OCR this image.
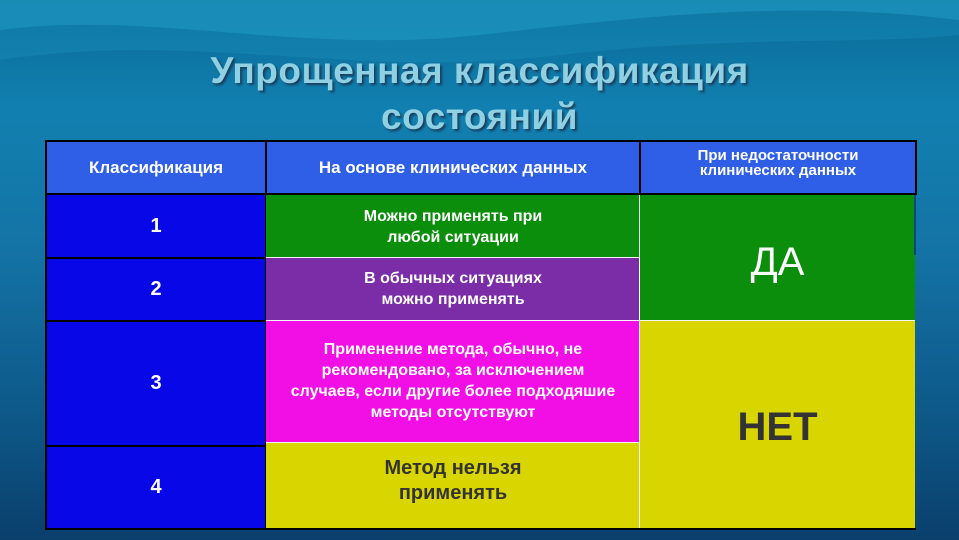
Упрощенная классификация
состояний
Классификация	На основе клинических данных
При недостаточности клинических данных
1
2
3
4
Можно применять при любой ситуации
В обычных ситуациях можно применять
Применение метода, обычно, не рекомендовано, за исключением случаев, если другие более подходяшие методы отсутствуют
Метод нельзя применять
ДА
НЕТ
